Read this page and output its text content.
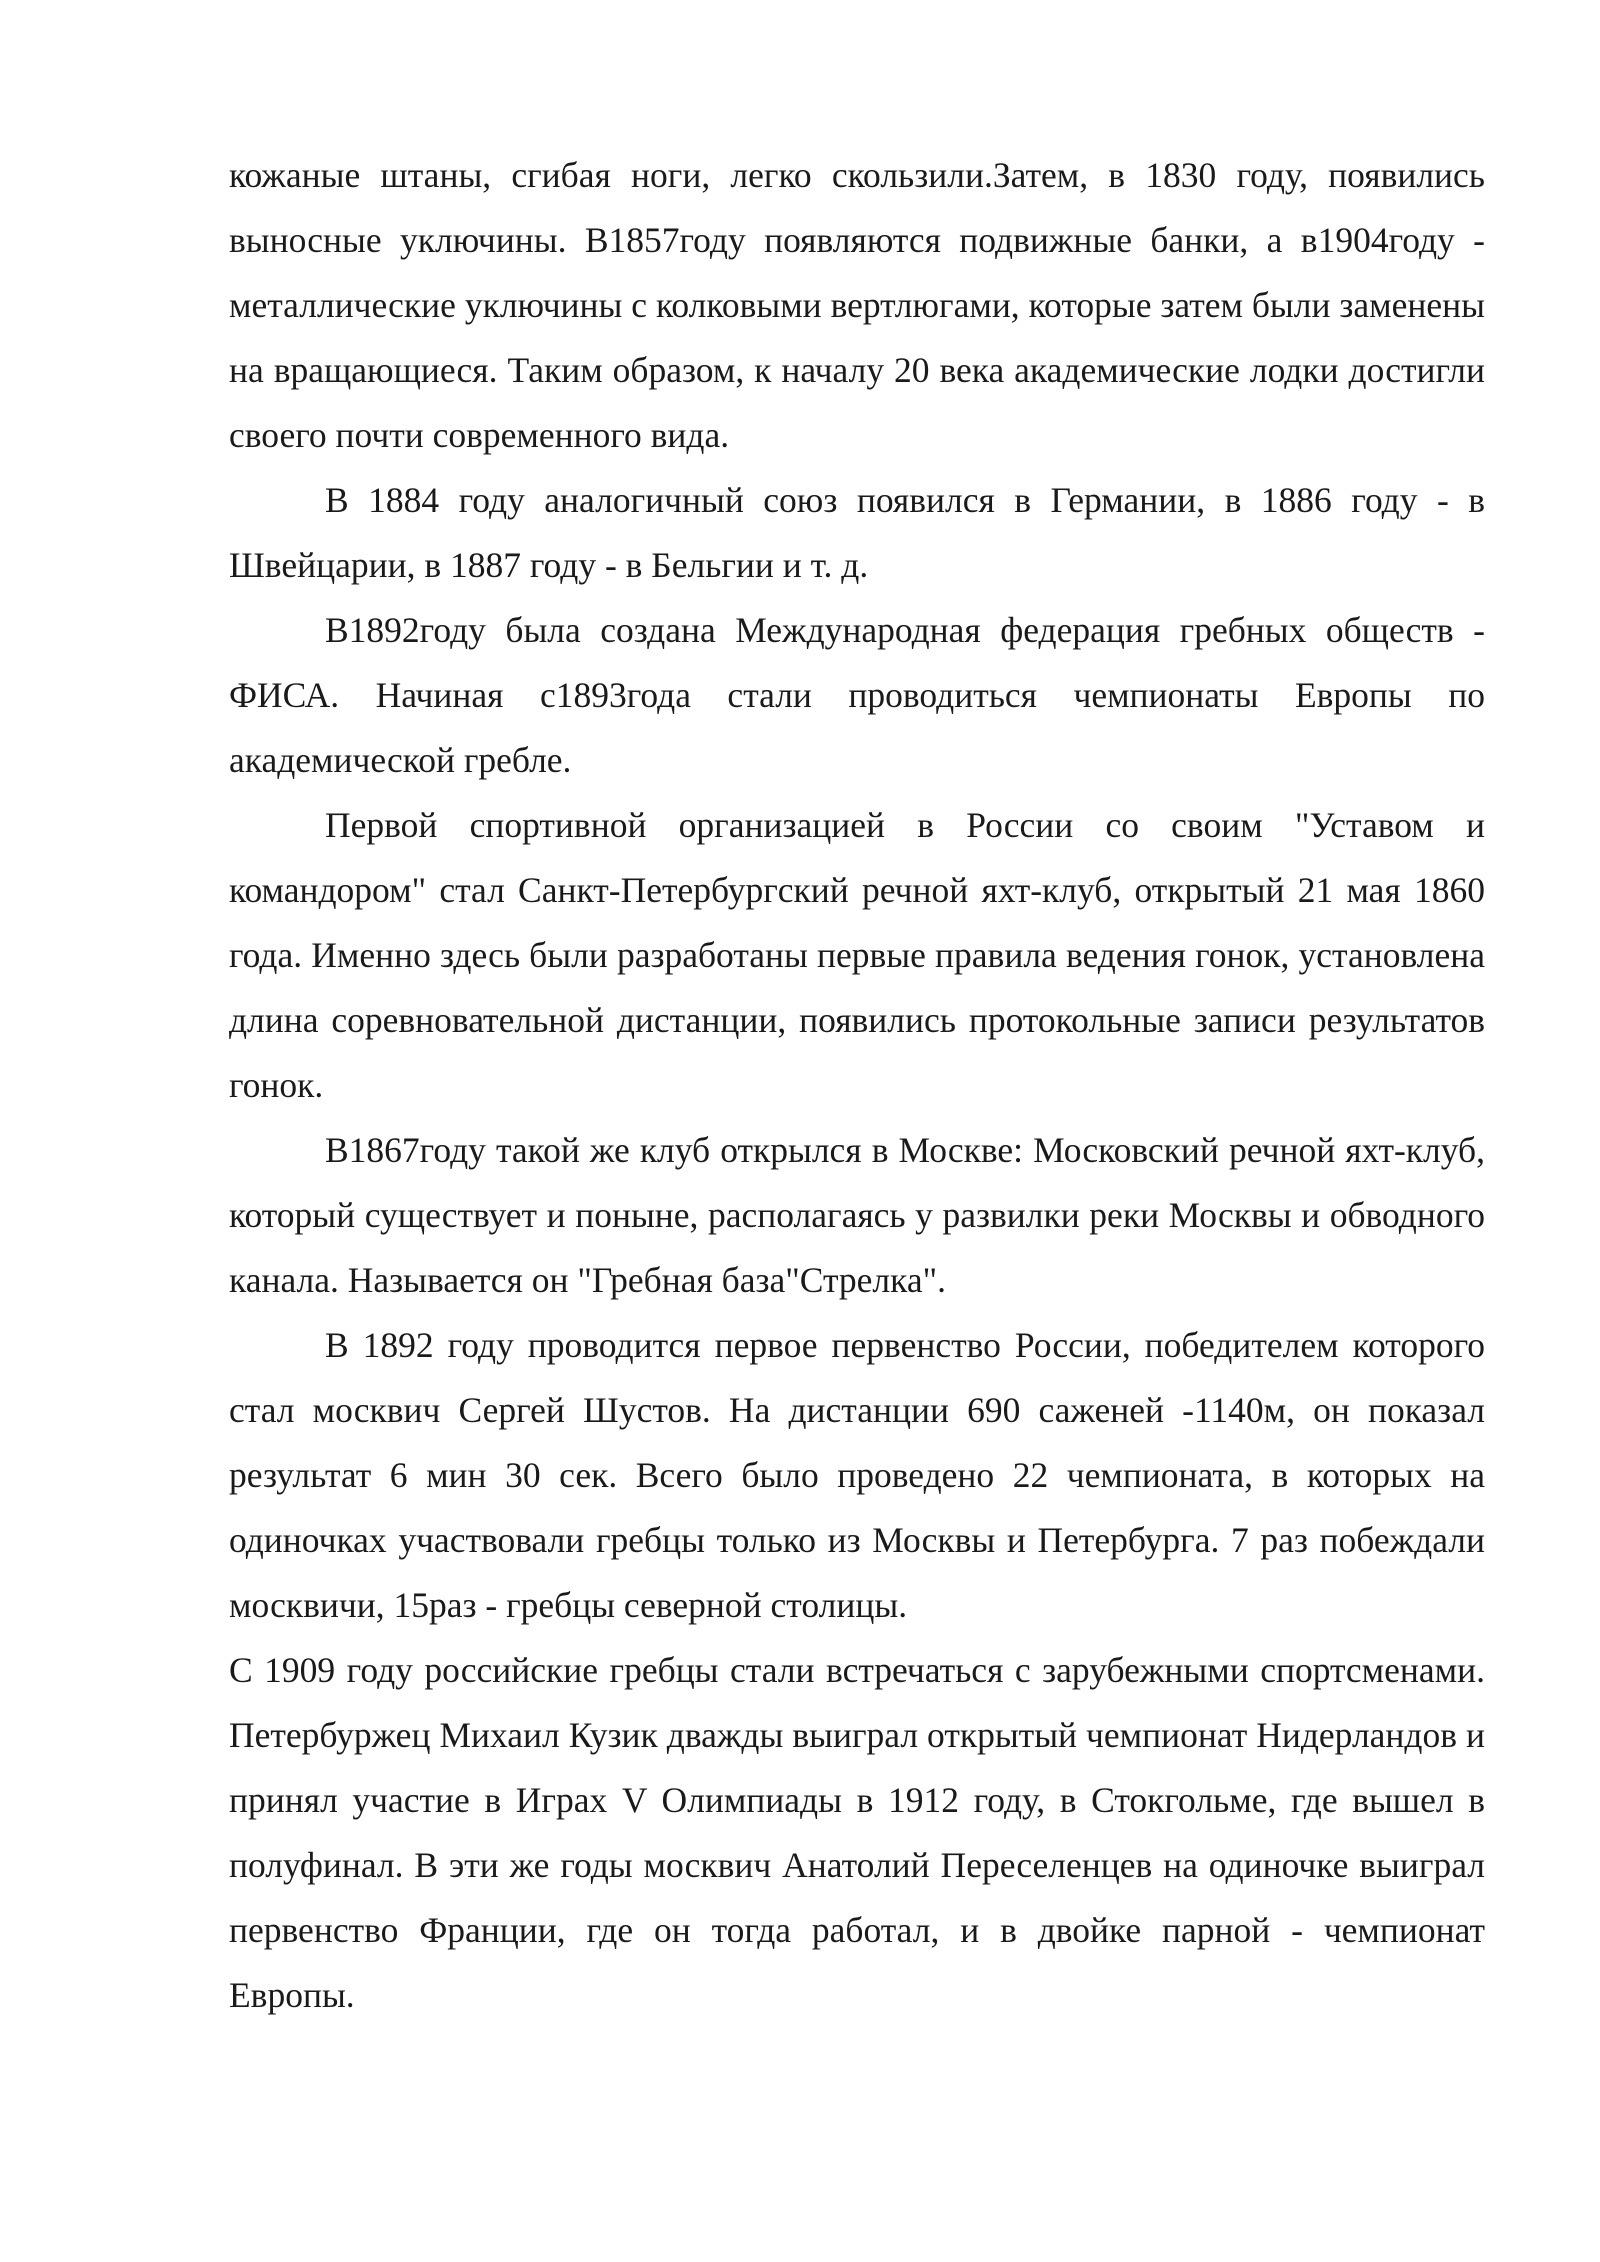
кожаные штаны, сгибая ноги, легко скользили.Затем, в 1830 году, появились выносные уключины. В1857году появляются подвижные банки, а в1904году - металлические уключины с колковыми вертлюгами, которые затем были заменены на вращающиеся. Таким образом, к началу 20 века академические лодки достигли своего почти современного вида.

В 1884 году аналогичный союз появился в Германии, в 1886 году - в Швейцарии, в 1887 году - в Бельгии и т. д.

В1892году была создана Международная федерация гребных обществ - ФИСА. Начиная с1893года стали проводиться чемпионаты Европы по академической гребле.

Первой спортивной организацией в России со своим "Уставом и командором" стал Санкт-Петербургский речной яхт-клуб, открытый 21 мая 1860 года. Именно здесь были разработаны первые правила ведения гонок, установлена длина соревновательной дистанции, появились протокольные записи результатов гонок.

В1867году такой же клуб открылся в Москве: Московский речной яхт-клуб, который существует и поныне, располагаясь у развилки реки Москвы и обводного канала. Называется он "Гребная база"Стрелка".

В 1892 году проводится первое первенство России, победителем которого стал москвич Сергей Шустов. На дистанции 690 саженей -1140м, он показал результат 6 мин 30 сек. Всего было проведено 22 чемпионата, в которых на одиночках участвовали гребцы только из Москвы и Петербурга. 7 раз побеждали москвичи, 15раз - гребцы северной столицы.

С 1909 году российские гребцы стали встречаться с зарубежными спортсменами. Петербуржец Михаил Кузик дважды выиграл открытый чемпионат Нидерландов и принял участие в Играх V Олимпиады в 1912 году, в Стокгольме, где вышел в полуфинал. В эти же годы москвич Анатолий Переселенцев на одиночке выиграл первенство Франции, где он тогда работал, и в двойке парной - чемпионат Европы.
